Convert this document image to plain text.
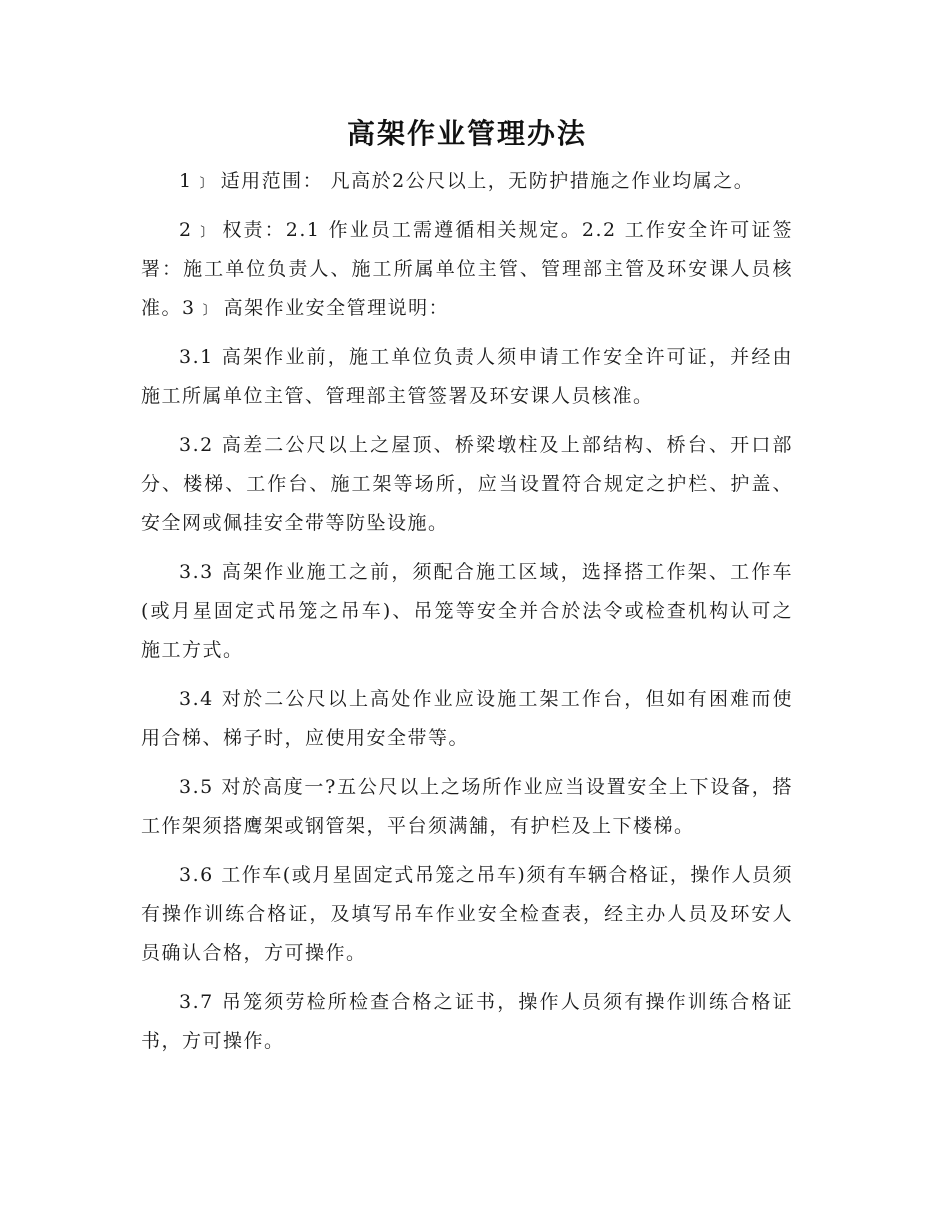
高架作业管理办法

1﹞ 适用范围： 凡高於2公尺以上，无防护措施之作业均属之。

2﹞ 权责：2.1 作业员工需遵循相关规定。2.2 工作安全许可证签署：施工单位负责人、施工所属单位主管、管理部主管及环安课人员核准。3﹞ 高架作业安全管理说明：

3.1 高架作业前，施工单位负责人须申请工作安全许可证，并经由施工所属单位主管、管理部主管签署及环安课人员核准。

3.2 高差二公尺以上之屋顶、桥梁墩柱及上部结构、桥台、开口部分、楼梯、工作台、施工架等场所，应当设置符合规定之护栏、护盖、安全网或佩挂安全带等防坠设施。

3.3 高架作业施工之前，须配合施工区域，选择搭工作架、工作车(或月星固定式吊笼之吊车)、吊笼等安全并合於法令或检查机构认可之施工方式。

3.4 对於二公尺以上高处作业应设施工架工作台，但如有困难而使用合梯、梯子时，应使用安全带等。

3.5 对於高度一?五公尺以上之场所作业应当设置安全上下设备，搭工作架须搭鹰架或钢管架，平台须满舖，有护栏及上下楼梯。

3.6 工作车(或月星固定式吊笼之吊车)须有车辆合格证，操作人员须有操作训练合格证，及填写吊车作业安全检查表，经主办人员及环安人员确认合格，方可操作。

3.7 吊笼须劳检所检查合格之证书，操作人员须有操作训练合格证书，方可操作。
